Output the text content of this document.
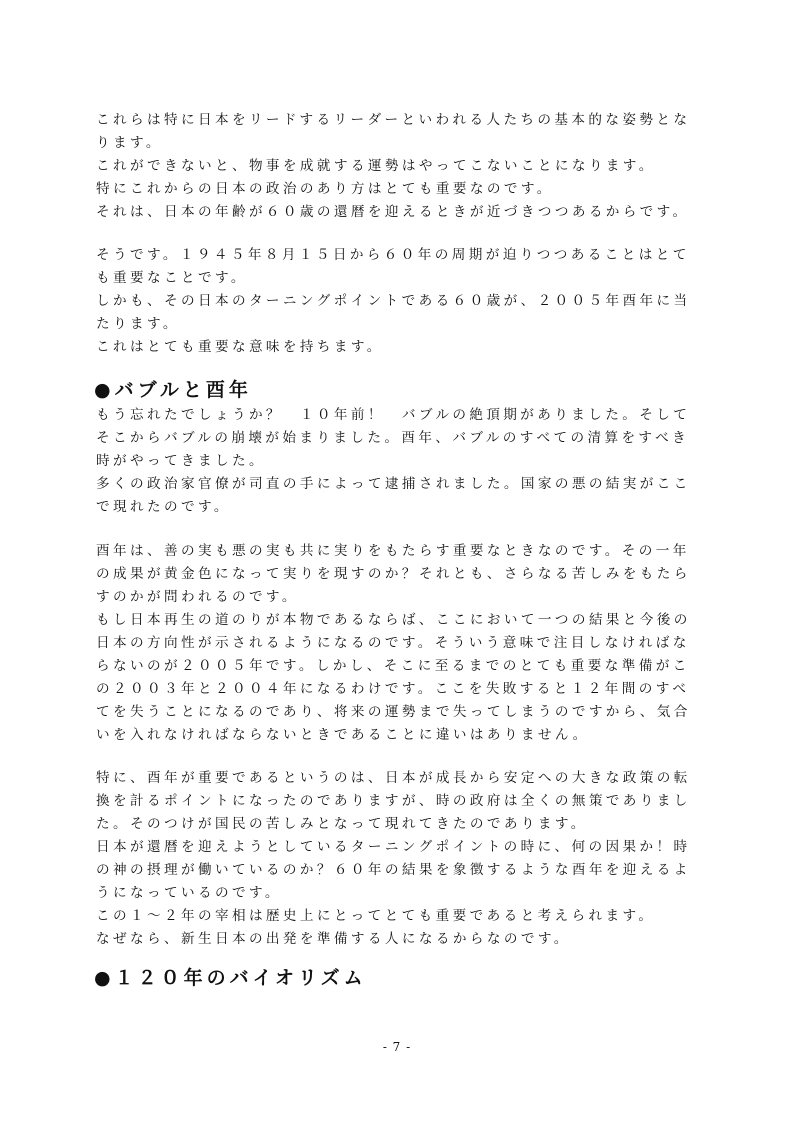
これらは特に日本をリードするリーダーといわれる人たちの基本的な姿勢とな
ります。
これができないと、物事を成就する運勢はやってこないことになります。
特にこれからの日本の政治のあり方はとても重要なのです。
それは、日本の年齢が６０歳の還暦を迎えるときが近づきつつあるからです。
そうです。１９４５年８月１５日から６０年の周期が迫りつつあることはとて
も重要なことです。
しかも、その日本のターニングポイントである６０歳が、２００５年酉年に当
たります。
これはとても重要な意味を持ちます。
●バブルと酉年
もう忘れたでしょうか？　１０年前！　バブルの絶頂期がありました。そして
そこからバブルの崩壊が始まりました。酉年、バブルのすべての清算をすべき
時がやってきました。
多くの政治家官僚が司直の手によって逮捕されました。国家の悪の結実がここ
で現れたのです。
酉年は、善の実も悪の実も共に実りをもたらす重要なときなのです。その一年
の成果が黄金色になって実りを現すのか？それとも、さらなる苦しみをもたら
すのかが問われるのです。
もし日本再生の道のりが本物であるならば、ここにおいて一つの結果と今後の
日本の方向性が示されるようになるのです。そういう意味で注目しなければな
らないのが２００５年です。しかし、そこに至るまでのとても重要な準備がこ
の２００３年と２００４年になるわけです。ここを失敗すると１２年間のすべ
てを失うことになるのであり、将来の運勢まで失ってしまうのですから、気合
いを入れなければならないときであることに違いはありません。
特に、酉年が重要であるというのは、日本が成長から安定への大きな政策の転
換を計るポイントになったのでありますが、時の政府は全くの無策でありまし
た。そのつけが国民の苦しみとなって現れてきたのであります。
日本が還暦を迎えようとしているターニングポイントの時に、何の因果か！時
の神の摂理が働いているのか？６０年の結果を象徴するような酉年を迎えるよ
うになっているのです。
この１～２年の宰相は歴史上にとってとても重要であると考えられます。
なぜなら、新生日本の出発を準備する人になるからなのです。
●１２０年のバイオリズム
- 7 -
